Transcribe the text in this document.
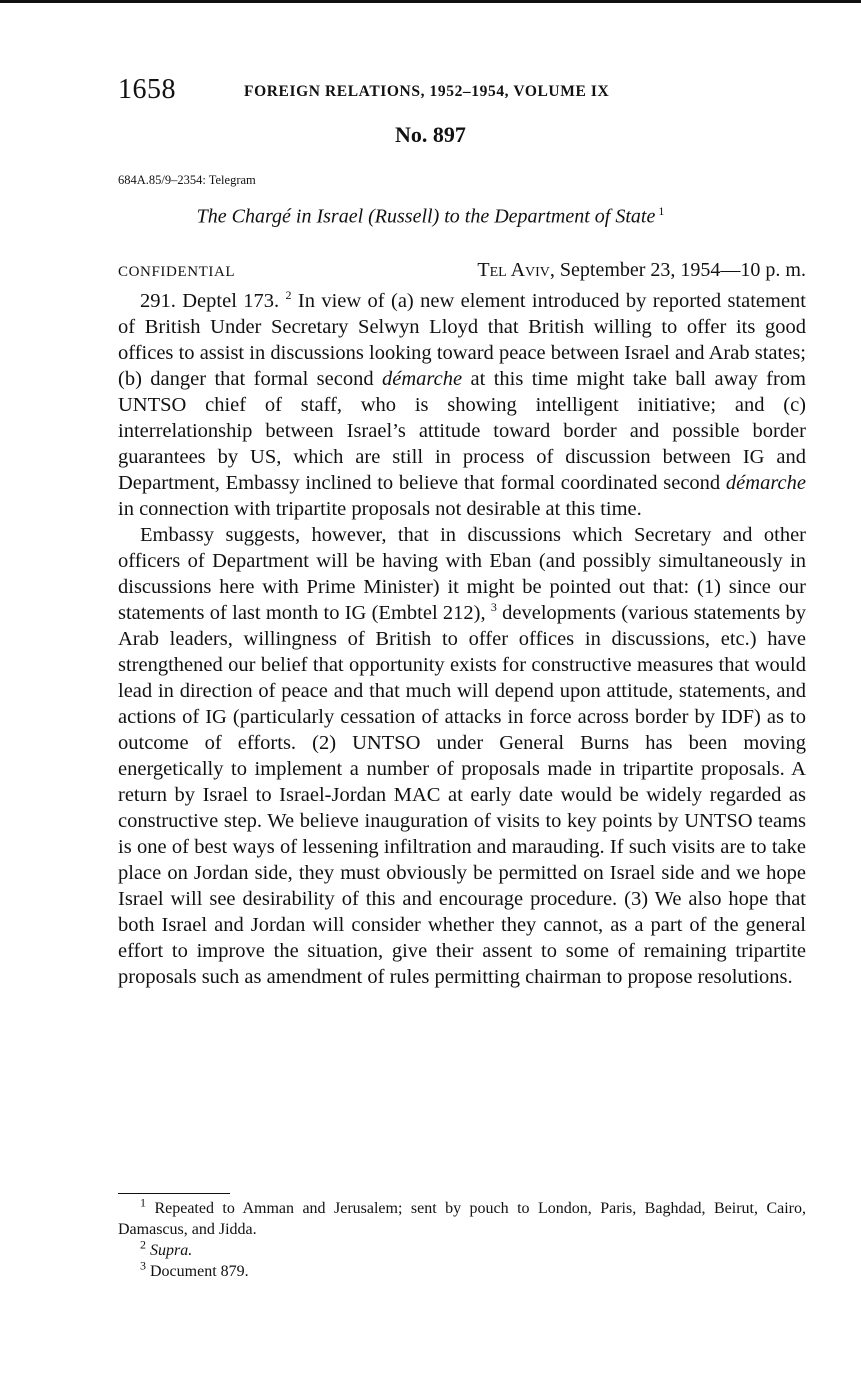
1658	FOREIGN RELATIONS, 1952–1954, VOLUME IX
No. 897
684A.85/9–2354: Telegram
The Chargé in Israel (Russell) to the Department of State $^1$
CONFIDENTIAL	Tel Aviv, September 23, 1954—10 p. m.

291. Deptel 173. $^2$ In view of (a) new element introduced by reported statement of British Under Secretary Selwyn Lloyd that British willing to offer its good offices to assist in discussions looking toward peace between Israel and Arab states; (b) danger that formal second démarche at this time might take ball away from UNTSO chief of staff, who is showing intelligent initiative; and (c) interrelationship between Israel’s attitude toward border and possible border guarantees by US, which are still in process of discussion between IG and Department, Embassy inclined to believe that formal coordinated second démarche in connection with tripartite proposals not desirable at this time.

Embassy suggests, however, that in discussions which Secretary and other officers of Department will be having with Eban (and possibly simultaneously in discussions here with Prime Minister) it might be pointed out that: (1) since our statements of last month to IG (Embtel 212), $^3$ developments (various statements by Arab leaders, willingness of British to offer offices in discussions, etc.) have strengthened our belief that opportunity exists for constructive measures that would lead in direction of peace and that much will depend upon attitude, statements, and actions of IG (particularly cessation of attacks in force across border by IDF) as to outcome of efforts. (2) UNTSO under General Burns has been moving energetically to implement a number of proposals made in tripartite proposals. A return by Israel to Israel-Jordan MAC at early date would be widely regarded as constructive step. We believe inauguration of visits to key points by UNTSO teams is one of best ways of lessening infiltration and marauding. If such visits are to take place on Jordan side, they must obviously be permitted on Israel side and we hope Israel will see desirability of this and encourage procedure. (3) We also hope that both Israel and Jordan will consider whether they cannot, as a part of the general effort to improve the situation, give their assent to some of remaining tripartite proposals such as amendment of rules permitting chairman to propose resolutions.

$^1$ Repeated to Amman and Jerusalem; sent by pouch to London, Paris, Baghdad, Beirut, Cairo, Damascus, and Jidda.

$^2$ Supra.

$^3$ Document 879.
